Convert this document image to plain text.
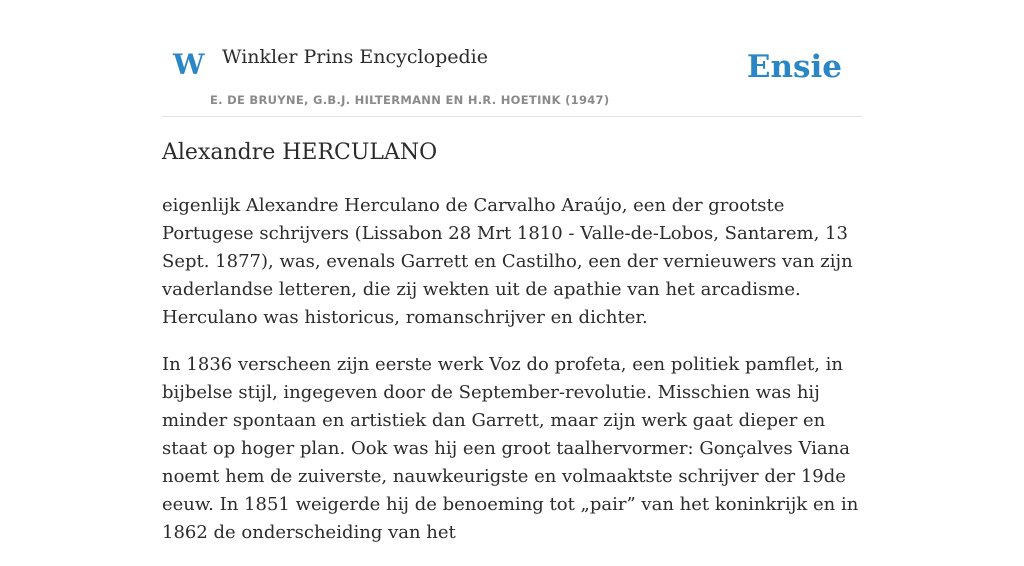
W Winkler Prins Encyclopedie	Ensie
E. DE BRUYNE, G.B.J. HILTERMANN EN H.R. HOETINK (1947)
Alexandre HERCULANO

eigenlijk Alexandre Herculano de Carvalho Araújo, een der grootste Portugese schrijvers (Lissabon 28 Mrt 1810 - Valle-de-Lobos, Santarem, 13 Sept. 1877), was, evenals Garrett en Castilho, een der vernieuwers van zijn vaderlandse letteren, die zij wekten uit de apathie van het arcadisme. Herculano was historicus, romanschrijver en dichter.

In 1836 verscheen zijn eerste werk Voz do profeta, een politiek pamflet, in bijbelse stijl, ingegeven door de September-revolutie. Misschien was hij minder spontaan en artistiek dan Garrett, maar zijn werk gaat dieper en staat op hoger plan. Ook was hij een groot taalhervormer: Gonçalves Viana noemt hem de zuiverste, nauwkeurigste en volmaaktste schrijver der 19de eeuw. In 1851 weigerde hij de benoeming tot „pair” van het koninkrijk en in 1862 de onderscheiding van het
